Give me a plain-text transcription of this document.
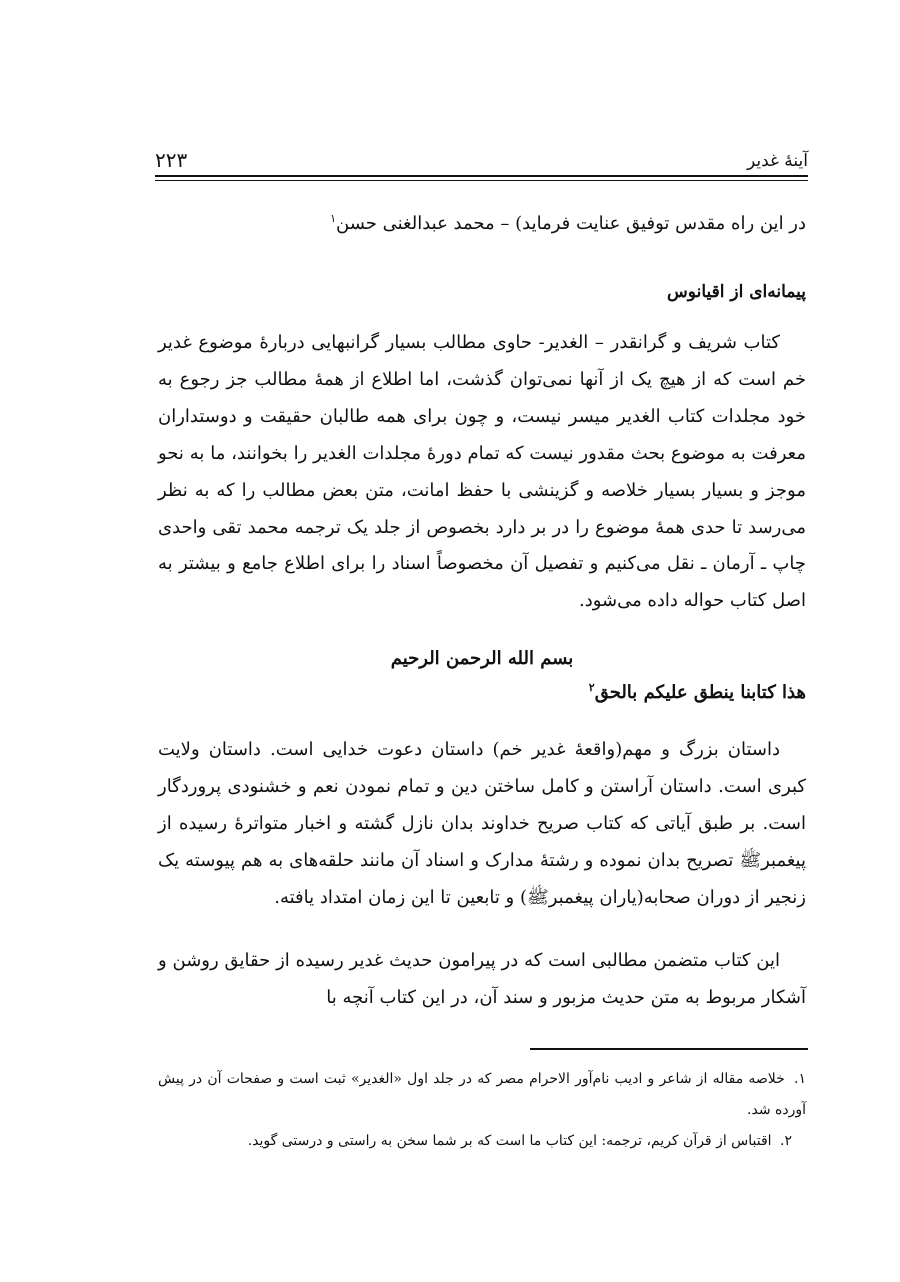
آینهٔ غدیر
۲۲۳

در این راه مقدس توفیق عنایت فرماید) – محمد عبدالغنی حسن$^۱$

پیمانه‌ای از اقیانوس

کتاب شریف و گرانقدر – الغدیر- حاوی مطالب بسیار گرانبهایی دربارهٔ موضوع غدیر خم است که از هیچ یک از آنها نمی‌توان گذشت، اما اطلاع از همهٔ مطالب جز رجوع به خود مجلدات کتاب الغدیر میسر نیست، و چون برای همه طالبان حقیقت و دوستداران معرفت به موضوع بحث مقدور نیست که تمام دورهٔ مجلدات الغدیر را بخوانند، ما به نحو موجز و بسیار بسیار خلاصه و گزینشی با حفظ امانت، متن بعض مطالب را که به نظر می‌رسد تا حدی همهٔ موضوع را در بر دارد بخصوص از جلد یک ترجمه محمد تقی واحدی چاپ ـ آرمان ـ نقل می‌کنیم و تفصیل آن مخصوصاً اسناد را برای اطلاع جامع و بیشتر به اصل کتاب حواله داده می‌شود.

بسم الله الرحمن الرحیم
هذا کتابنا ینطق علیکم بالحق$^۲$

داستان بزرگ و مهم(واقعهٔ غدیر خم) داستان دعوت خدایی است. داستان ولایت کبری است. داستان آراستن و کامل ساختن دین و تمام نمودن نعم و خشنودی پروردگار است. بر طبق آیاتی که کتاب صریح خداوند بدان نازل گشته و اخبار متواترهٔ رسیده از پیغمبرﷺ تصریح بدان نموده و رشتهٔ مدارک و اسناد آن مانند حلقه‌های به هم پیوسته یک زنجیر از دوران صحابه(یاران پیغمبرﷺ) و تابعین تا این زمان امتداد یافته.

این کتاب متضمن مطالبی است که در پیرامون حدیث غدیر رسیده از حقایق روشن و آشکار مربوط به متن حدیث مزبور و سند آن، در این کتاب آنچه با

۱. خلاصه مقاله از شاعر و ادیب نام‌آور الاحرام مصر که در جلد اول «الغدیر» ثبت است و صفحات آن در پیش آورده شد.

۲. اقتباس از قرآن کریم، ترجمه: این کتاب ما است که بر شما سخن به راستی و درستی گوید.
